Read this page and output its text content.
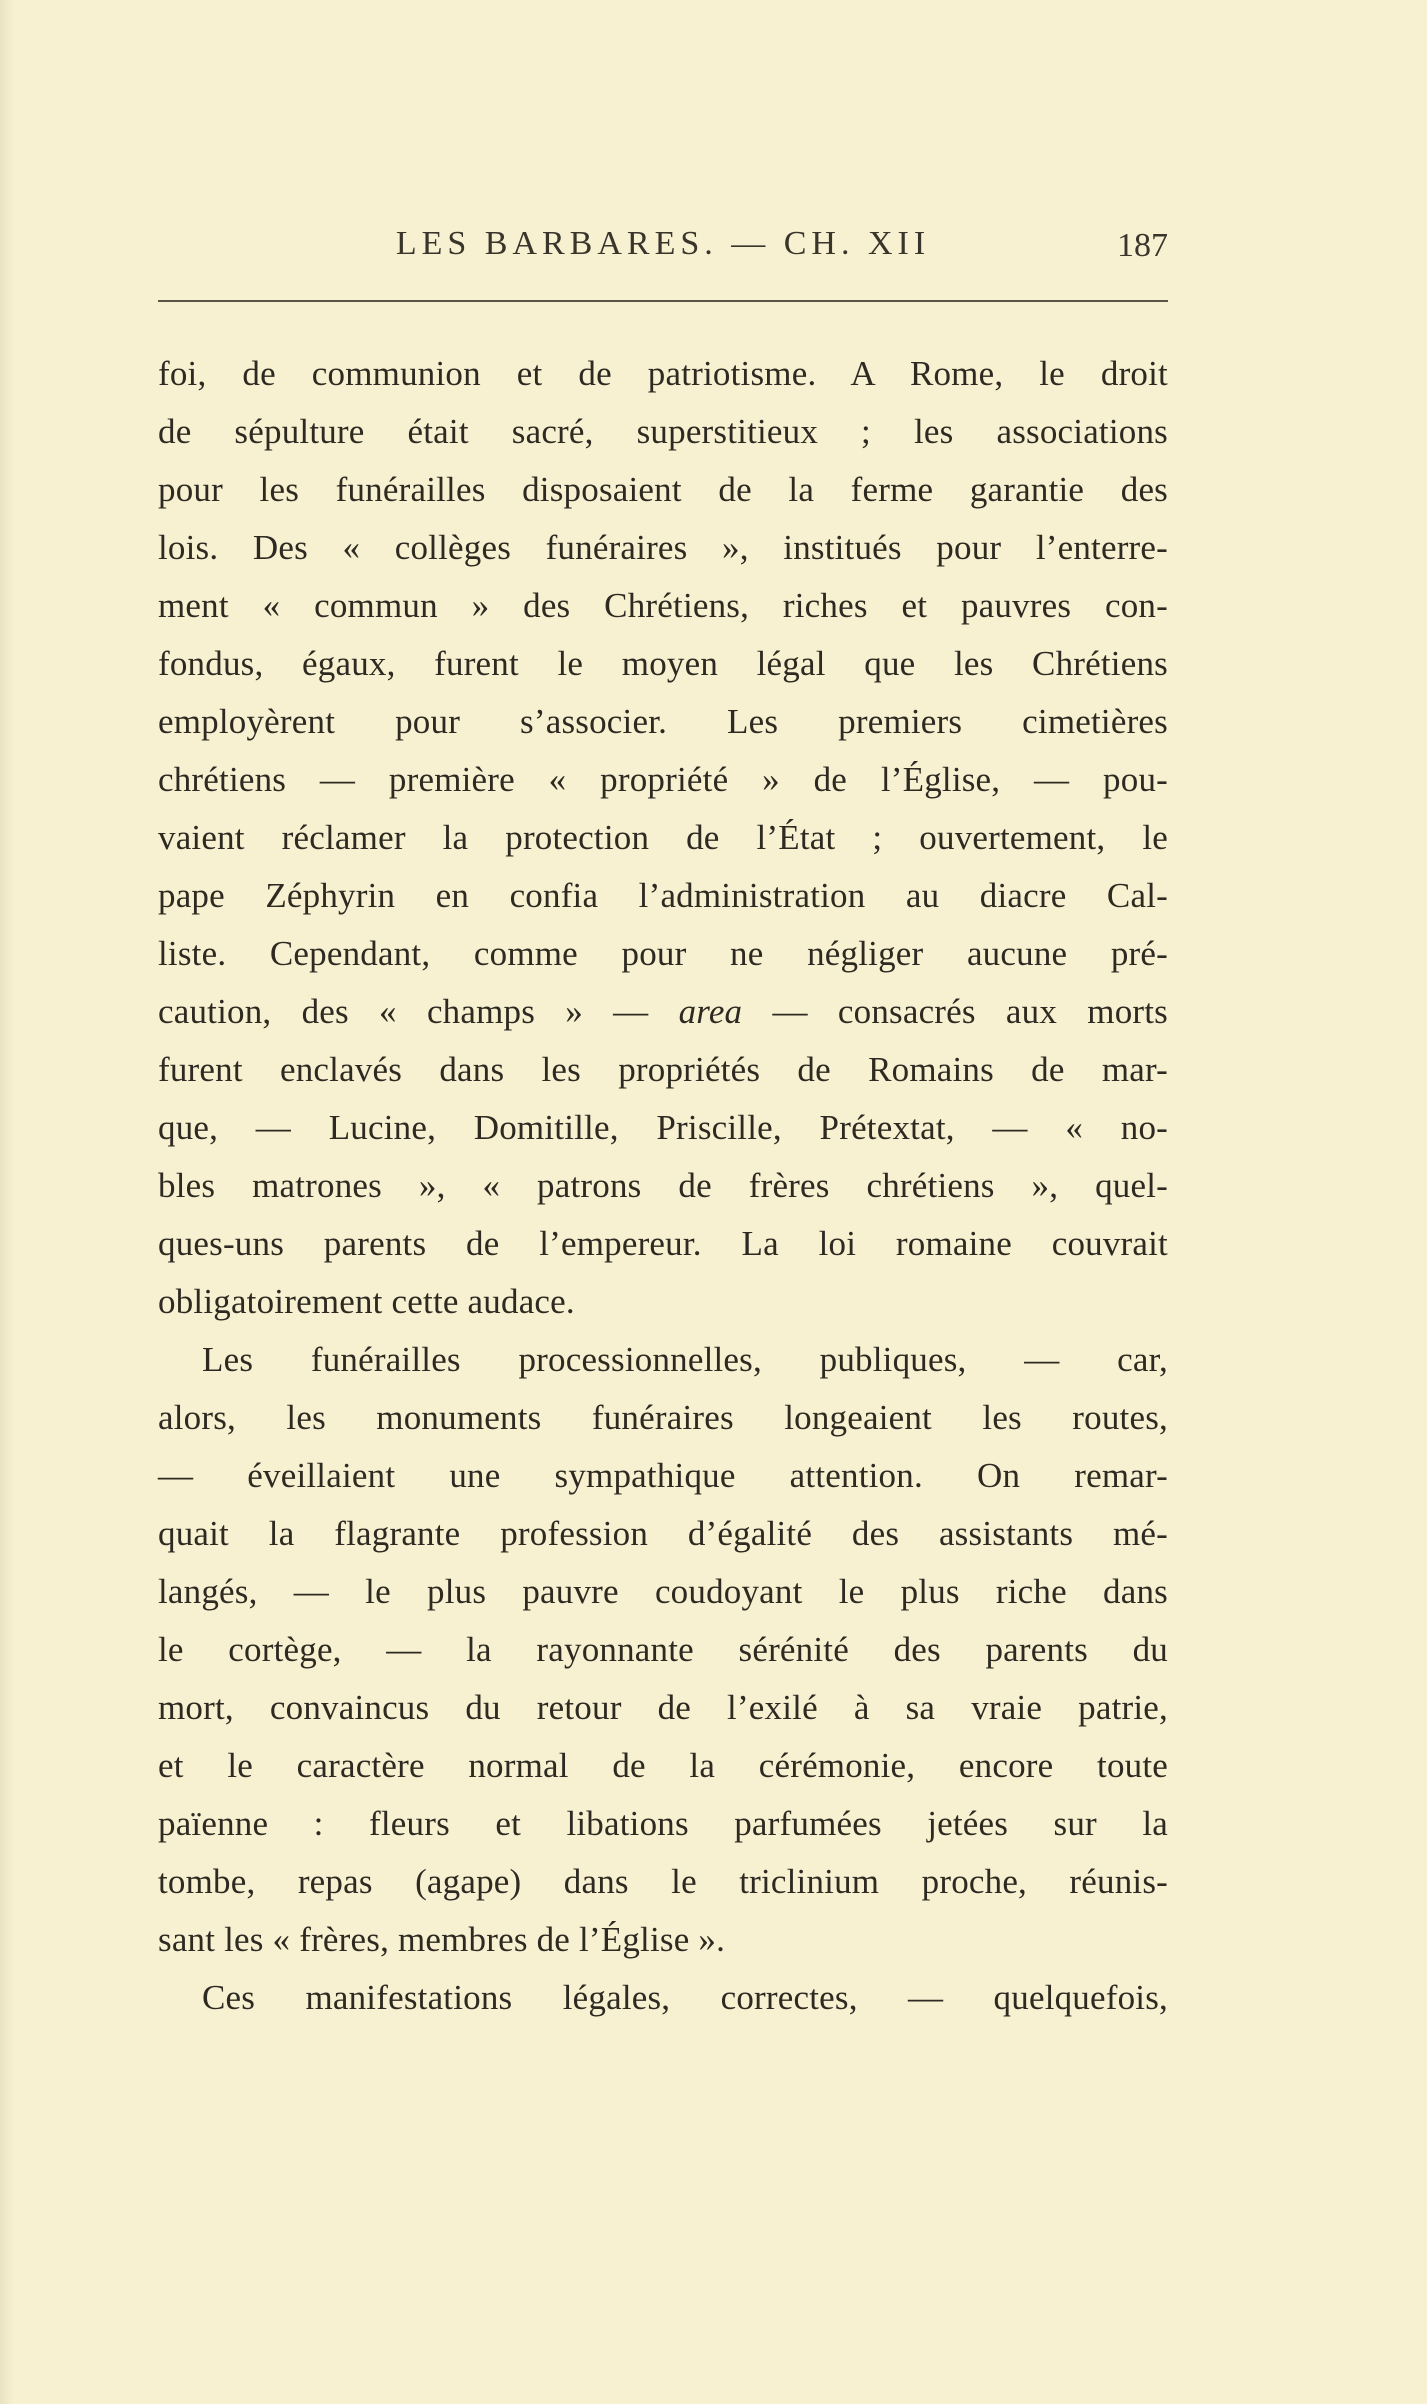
LES BARBARES. — CH. XII	187
foi, de communion et de patriotisme. A Rome, le droit
de sépulture était sacré, superstitieux ; les associations
pour les funérailles disposaient de la ferme garantie des
lois. Des « collèges funéraires », institués pour l’enterre-
ment « commun » des Chrétiens, riches et pauvres con-
fondus, égaux, furent le moyen légal que les Chrétiens
employèrent pour s’associer. Les premiers cimetières
chrétiens — première « propriété » de l’Église, — pou-
vaient réclamer la protection de l’État ; ouvertement, le
pape Zéphyrin en confia l’administration au diacre Cal-
liste. Cependant, comme pour ne négliger aucune pré-
caution, des « champs » — area — consacrés aux morts
furent enclavés dans les propriétés de Romains de mar-
que, — Lucine, Domitille, Priscille, Prétextat, — « no-
bles matrones », « patrons de frères chrétiens », quel-
ques-uns parents de l’empereur. La loi romaine couvrait
obligatoirement cette audace.
Les funérailles processionnelles, publiques, — car,
alors, les monuments funéraires longeaient les routes,
— éveillaient une sympathique attention. On remar-
quait la flagrante profession d’égalité des assistants mé-
langés, — le plus pauvre coudoyant le plus riche dans
le cortège, — la rayonnante sérénité des parents du
mort, convaincus du retour de l’exilé à sa vraie patrie,
et le caractère normal de la cérémonie, encore toute
païenne : fleurs et libations parfumées jetées sur la
tombe, repas (agape) dans le triclinium proche, réunis-
sant les « frères, membres de l’Église ».
Ces manifestations légales, correctes, — quelquefois,
